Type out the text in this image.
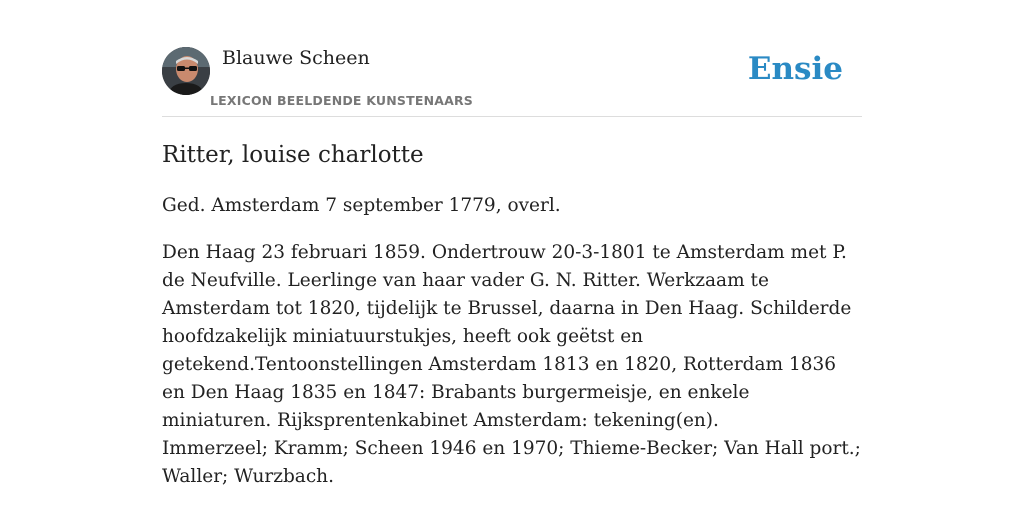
Blauwe Scheen
LEXICON BEELDENDE KUNSTENAARS
Ensie
Ritter, louise charlotte

Ged. Amsterdam 7 september 1779, overl.

Den Haag 23 februari 1859. Ondertrouw 20-3-1801 te Amsterdam met P. de Neufville. Leerlinge van haar vader G. N. Ritter. Werkzaam te Amsterdam tot 1820, tijdelijk te Brussel, daarna in Den Haag. Schilderde hoofdzakelijk miniatuurstukjes, heeft ook geëtst en getekend.Tentoonstellingen Amsterdam 1813 en 1820, Rotterdam 1836 en Den Haag 1835 en 1847: Brabants burgermeisje, en enkele miniaturen. Rijksprentenkabinet Amsterdam: tekening(en).

Immerzeel; Kramm; Scheen 1946 en 1970; Thieme-Becker; Van Hall port.; Waller; Wurzbach.
